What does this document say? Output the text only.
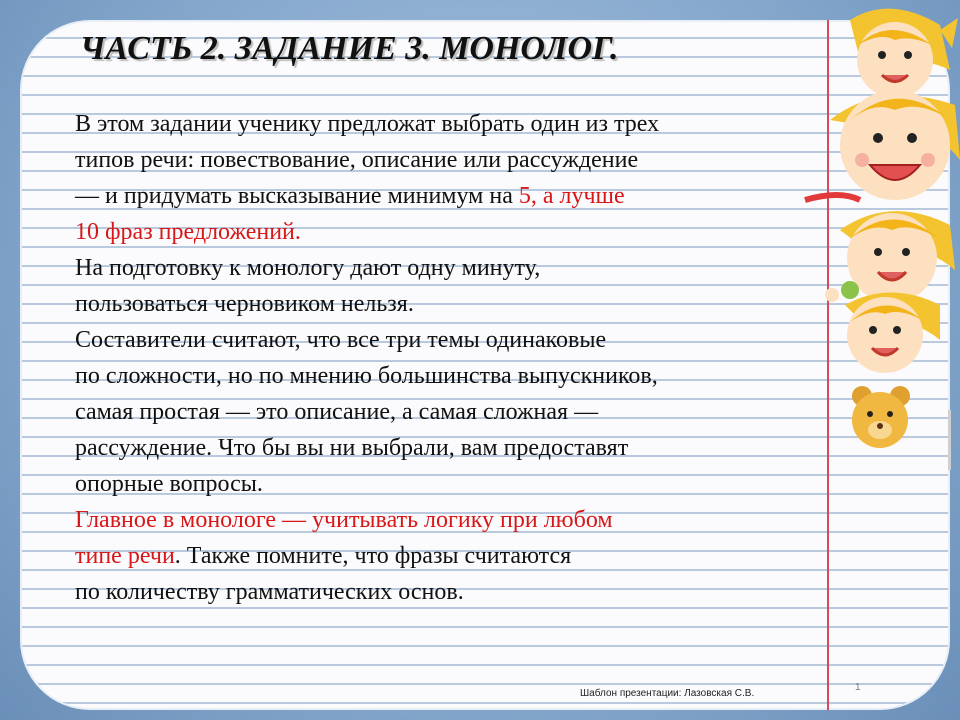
ЧАСТЬ 2. ЗАДАНИЕ 3. МОНОЛОГ.
В этом задании ученику предложат выбрать один из трех
типов речи: повествование, описание или рассуждение
— и придумать высказывание минимум на 5, а лучше
10 фраз предложений.
На подготовку к монологу дают одну минуту,
пользоваться черновиком нельзя.
Составители считают, что все три темы одинаковые
по сложности, но по мнению большинства выпускников,
самая простая — это описание, а самая сложная —
рассуждение. Что бы вы ни выбрали, вам предоставят
опорные вопросы.
Главное в монологе — учитывать логику при любом
типе речи. Также помните, что фразы считаются
по количеству грамматических основ.
1
Шаблон презентации: Лазовская С.В.
